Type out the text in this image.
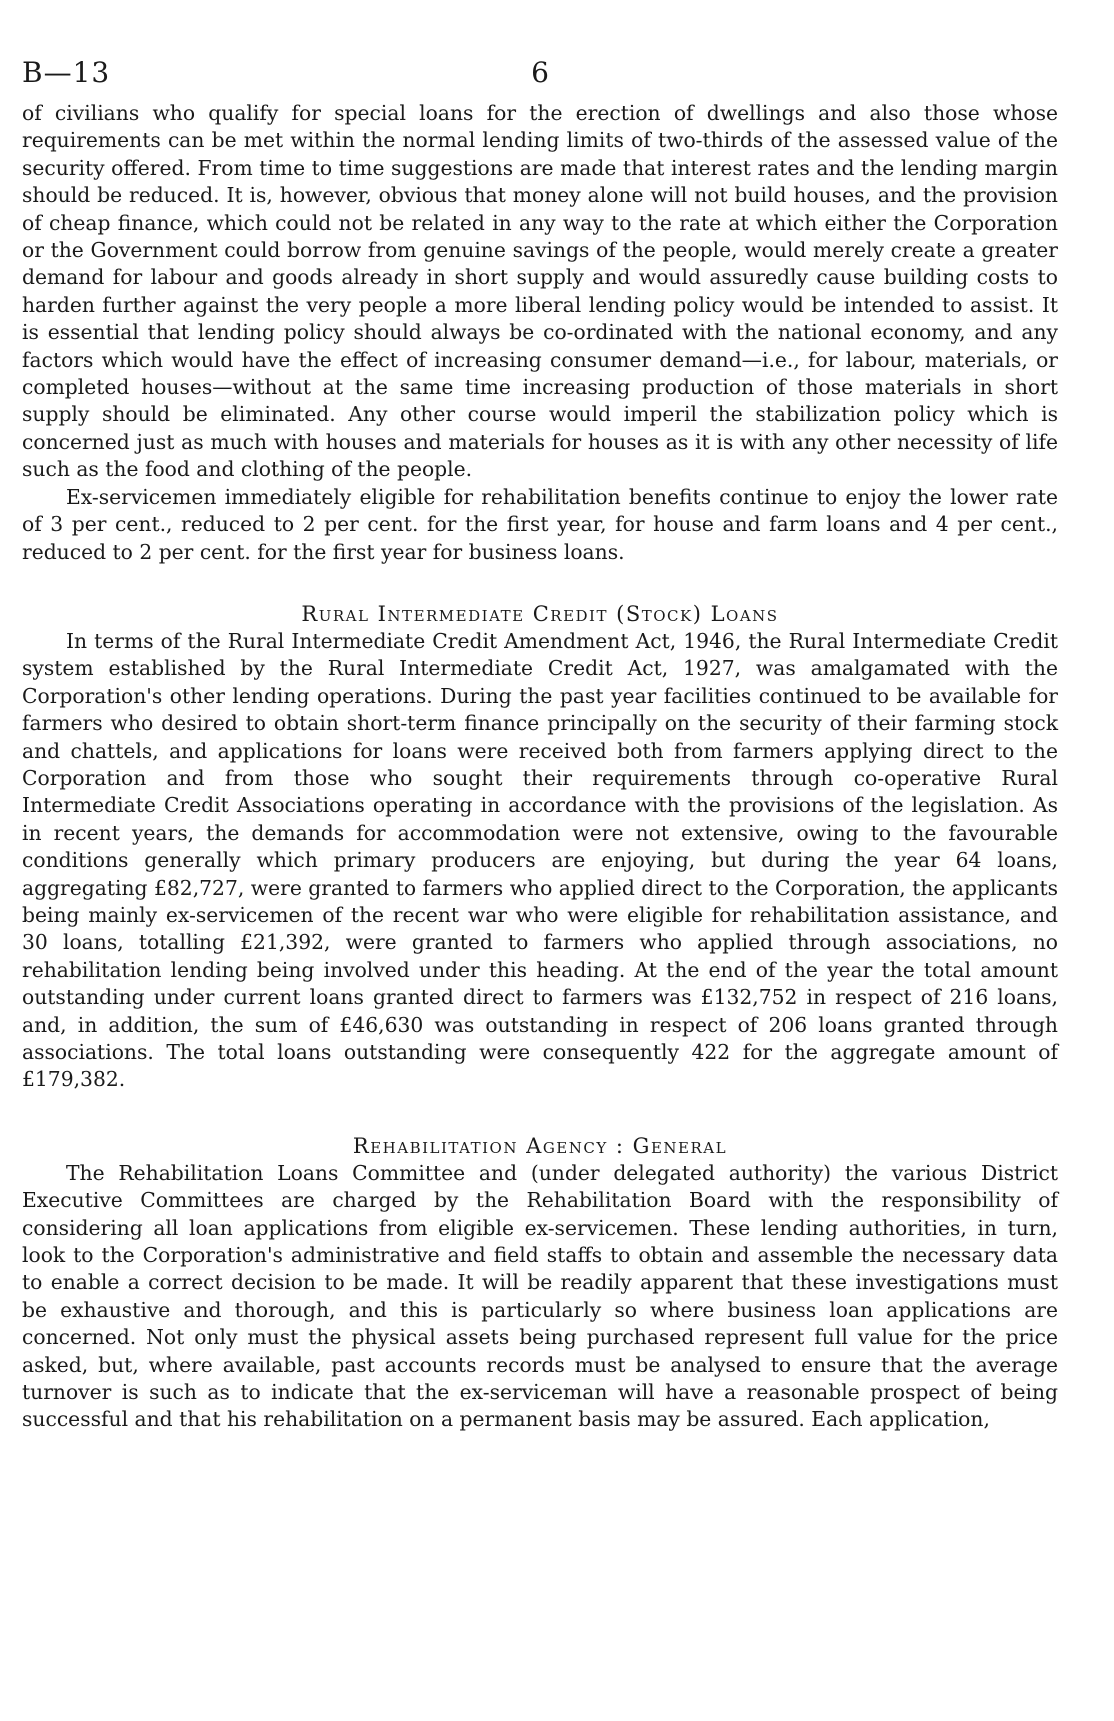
B—13	6

of civilians who qualify for special loans for the erection of dwellings and also those whose requirements can be met within the normal lending limits of two-thirds of the assessed value of the security offered. From time to time suggestions are made that interest rates and the lending margin should be reduced. It is, however, obvious that money alone will not build houses, and the provision of cheap finance, which could not be related in any way to the rate at which either the Corporation or the Government could borrow from genuine savings of the people, would merely create a greater demand for labour and goods already in short supply and would assuredly cause building costs to harden further against the very people a more liberal lending policy would be intended to assist. It is essential that lending policy should always be co-ordinated with the national economy, and any factors which would have the effect of increasing consumer demand—i.e., for labour, materials, or completed houses—without at the same time increasing production of those materials in short supply should be eliminated. Any other course would imperil the stabilization policy which is concerned just as much with houses and materials for houses as it is with any other necessity of life such as the food and clothing of the people.

Ex-servicemen immediately eligible for rehabilitation benefits continue to enjoy the lower rate of 3 per cent., reduced to 2 per cent. for the first year, for house and farm loans and 4 per cent., reduced to 2 per cent. for the first year for business loans.

Rural Intermediate Credit (Stock) Loans

In terms of the Rural Intermediate Credit Amendment Act, 1946, the Rural Intermediate Credit system established by the Rural Intermediate Credit Act, 1927, was amalgamated with the Corporation's other lending operations. During the past year facilities continued to be available for farmers who desired to obtain short-term finance principally on the security of their farming stock and chattels, and applications for loans were received both from farmers applying direct to the Corporation and from those who sought their requirements through co-operative Rural Intermediate Credit Associations operating in accordance with the provisions of the legislation. As in recent years, the demands for accommodation were not extensive, owing to the favourable conditions generally which primary producers are enjoying, but during the year 64 loans, aggregating £82,727, were granted to farmers who applied direct to the Corporation, the applicants being mainly ex-servicemen of the recent war who were eligible for rehabilitation assistance, and 30 loans, totalling £21,392, were granted to farmers who applied through associations, no rehabilitation lending being involved under this heading. At the end of the year the total amount outstanding under current loans granted direct to farmers was £132,752 in respect of 216 loans, and, in addition, the sum of £46,630 was outstanding in respect of 206 loans granted through associations. The total loans outstanding were consequently 422 for the aggregate amount of £179,382.

Rehabilitation Agency : General

The Rehabilitation Loans Committee and (under delegated authority) the various District Executive Committees are charged by the Rehabilitation Board with the responsibility of considering all loan applications from eligible ex-servicemen. These lending authorities, in turn, look to the Corporation's administrative and field staffs to obtain and assemble the necessary data to enable a correct decision to be made. It will be readily apparent that these investigations must be exhaustive and thorough, and this is particularly so where business loan applications are concerned. Not only must the physical assets being purchased represent full value for the price asked, but, where available, past accounts records must be analysed to ensure that the average turnover is such as to indicate that the ex-serviceman will have a reasonable prospect of being successful and that his rehabilitation on a permanent basis may be assured. Each application,
